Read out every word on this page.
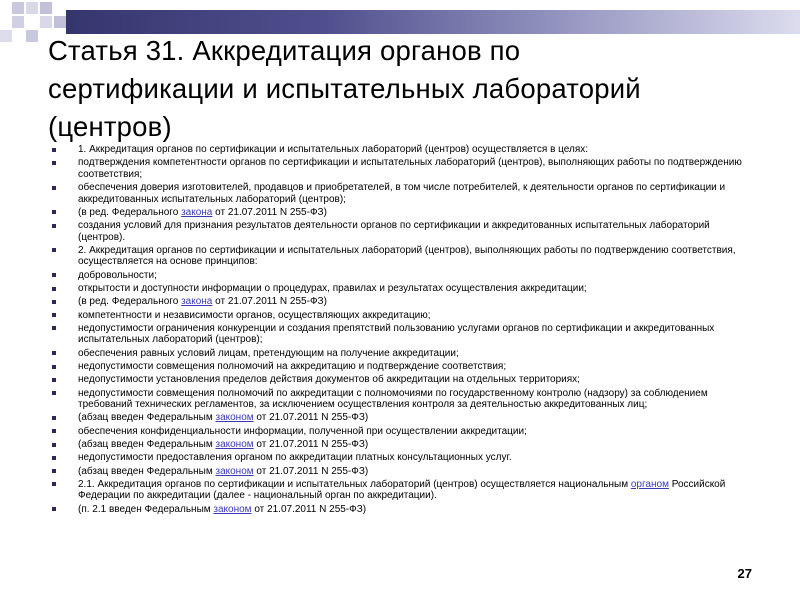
Статья 31. Аккредитация органов по
сертификации и испытательных лабораторий
(центров)
1. Аккредитация органов по сертификации и испытательных лабораторий (центров) осуществляется в целях:
подтверждения компетентности органов по сертификации и испытательных лабораторий (центров), выполняющих работы по подтверждению соответствия;
обеспечения доверия изготовителей, продавцов и приобретателей, в том числе потребителей, к деятельности органов по сертификации и аккредитованных испытательных лабораторий (центров);
(в ред. Федерального закона от 21.07.2011 N 255-ФЗ)
создания условий для признания результатов деятельности органов по сертификации и аккредитованных испытательных лабораторий (центров).
2. Аккредитация органов по сертификации и испытательных лабораторий (центров), выполняющих работы по подтверждению соответствия, осуществляется на основе принципов:
добровольности;
открытости и доступности информации о процедурах, правилах и результатах осуществления аккредитации;
(в ред. Федерального закона от 21.07.2011 N 255-ФЗ)
компетентности и независимости органов, осуществляющих аккредитацию;
недопустимости ограничения конкуренции и создания препятствий пользованию услугами органов по сертификации и аккредитованных испытательных лабораторий (центров);
обеспечения равных условий лицам, претендующим на получение аккредитации;
недопустимости совмещения полномочий на аккредитацию и подтверждение соответствия;
недопустимости установления пределов действия документов об аккредитации на отдельных территориях;
недопустимости совмещения полномочий по аккредитации с полномочиями по государственному контролю (надзору) за соблюдением требований технических регламентов, за исключением осуществления контроля за деятельностью аккредитованных лиц;
(абзац введен Федеральным законом от 21.07.2011 N 255-ФЗ)
обеспечения конфиденциальности информации, полученной при осуществлении аккредитации;
(абзац введен Федеральным законом от 21.07.2011 N 255-ФЗ)
недопустимости предоставления органом по аккредитации платных консультационных услуг.
(абзац введен Федеральным законом от 21.07.2011 N 255-ФЗ)
2.1. Аккредитация органов по сертификации и испытательных лабораторий (центров) осуществляется национальным органом Российской Федерации по аккредитации (далее - национальный орган по аккредитации).
(п. 2.1 введен Федеральным законом от 21.07.2011 N 255-ФЗ)
27
